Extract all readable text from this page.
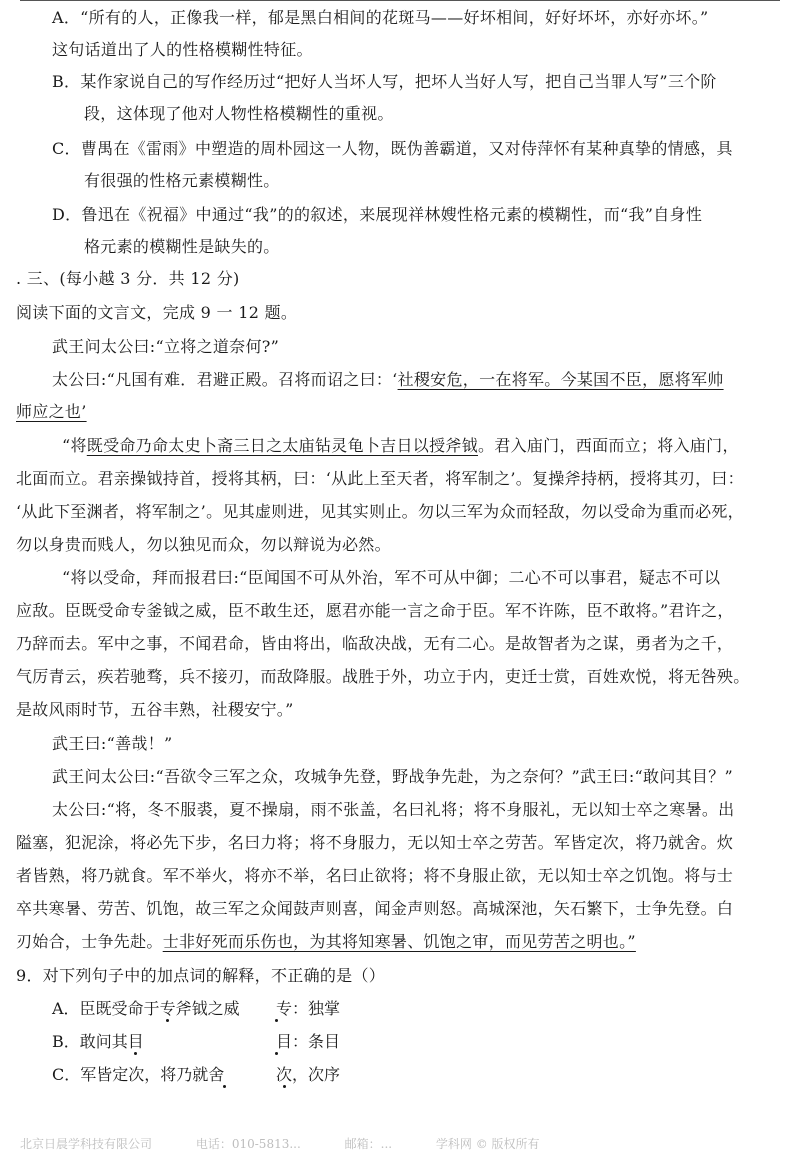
A．“所有的人，正像我一样，郁是黑白相间的花斑马——好坏相间，好好坏坏，亦好亦坏。”
这句话道出了人的性格模糊性特征。
B．某作家说自己的写作经历过“把好人当坏人写，把坏人当好人写，把自己当罪人写”三个阶
段，这体现了他对人物性格模糊性的重视。
C．曹禺在《雷雨》中塑造的周朴园这一人物，既伪善霸道，又对侍萍怀有某种真挚的情感，具
有很强的性格元素模糊性。
D．鲁迅在《祝福》中通过“我”的的叙述，来展现祥林嫂性格元素的模糊性，而“我”自身性
格元素的模糊性是缺失的。
. 三、(每小越 3 分．共 12 分)
阅读下面的文言文，完成 9 一 12 题。
武王问太公曰:“立将之道奈何?”
太公曰:“凡国有难．君避正殿。召将而诏之曰：‘社稷安危，一在将军。今某国不臣，愿将军帅
师应之也’
“将既受命乃命太史卜斋三日之太庙钻灵龟卜吉日以授斧钺。君入庙门，西面而立；将入庙门，
北面而立。君亲操钺持首，授将其柄，曰：‘从此上至天者，将军制之’。复操斧持柄，授将其刃，曰：
‘从此下至渊者，将军制之’。见其虚则进，见其实则止。勿以三军为众而轻敌，勿以受命为重而必死，
勿以身贵而贱人，勿以独见而众，勿以辩说为必然。
“将以受命，拜而报君曰:“臣闻国不可从外治，军不可从中御；二心不可以事君，疑志不可以
应敌。臣既受命专釜钺之威，臣不敢生还，愿君亦能一言之命于臣。军不许陈，臣不敢将。”君许之，
乃辞而去。军中之事，不闻君命，皆由将出，临敌决战，无有二心。是故智者为之谋，勇者为之千，
气厉青云，疾若驰骛，兵不接刃，而敌降服。战胜于外，功立于内，吏迁士赏，百姓欢悦，将无咎殃。
是故风雨时节，五谷丰熟，社稷安宁。”
武王曰:“善哉！”
武王问太公曰:“吾欲令三军之众，攻城争先登，野战争先赴，为之奈何？”武王曰:“敢问其目？”
太公曰:“将，冬不服裘，夏不操扇，雨不张盖，名曰礼将；将不身服礼，无以知士卒之寒暑。出
隘塞，犯泥涂，将必先下步，名曰力将；将不身服力，无以知士卒之劳苦。军皆定次，将乃就舍。炊
者皆熟，将乃就食。军不举火，将亦不举，名曰止欲将；将不身服止欲，无以知士卒之饥饱。将与士
卒共寒暑、劳苦、饥饱，故三军之众闻鼓声则喜，闻金声则怒。高城深池，矢石繁下，士争先登。白
刃始合，士争先赴。士非好死而乐伤也，为其将知寒暑、饥饱之审，而见劳苦之明也。”
9．对下列句子中的加点词的解释，不正确的是（）
A．臣既受命于专斧钺之威 专：独掌
B．敢问其目	目：条目
C．军皆定次，将乃就舍	次，次序
北京日晨学科技有限公司	电话：010-5813...	邮箱：...	学科网 © 版权所有
